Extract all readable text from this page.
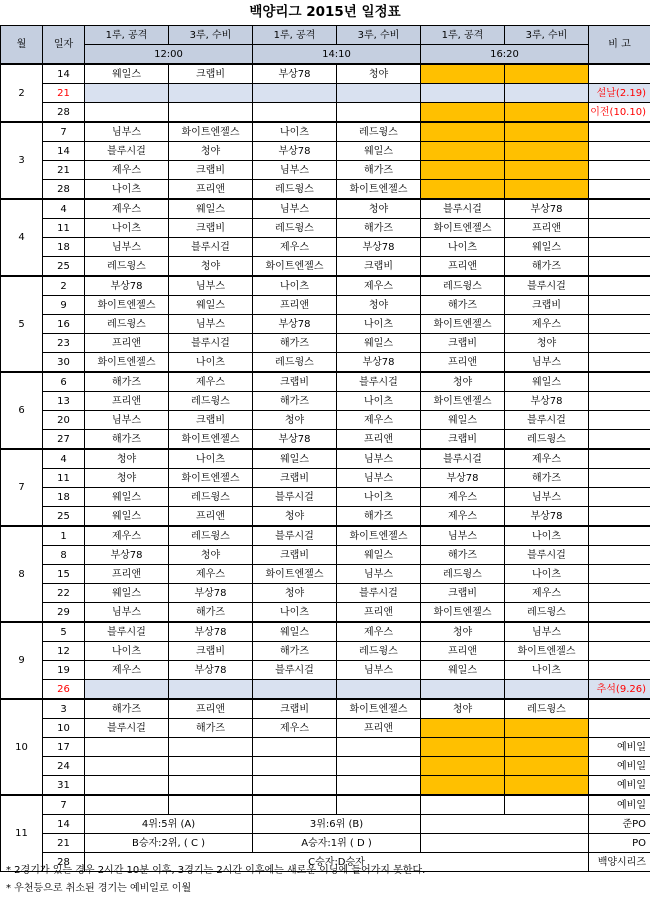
백양리그 2015년 일정표
월	일자	1루, 공격	3루, 수비	1루, 공격	3루, 수비	1루, 공격	3루, 수비	비 고
		12:00		14:10		16:20		
2	14	웨일스	크랩비	부상78	청야			
	21							설날(2.19)
	28							이전(10.10)
3	7	님부스	화이트엔젤스	나이츠	레드윙스			
	14	블루시걸	청야	부상78	웨일스			
	21	제우스	크랩비	님부스	해가즈			
	28	나이츠	프리앤	레드윙스	화이트엔젤스			
4	4	제우스	웨일스	님부스	청야	블루시걸	부상78	
	11	나이츠	크랩비	레드윙스	해가즈	화이트엔젤스	프리앤	
	18	님부스	블루시걸	제우스	부상78	나이츠	웨일스	
	25	레드윙스	청야	화이트엔젤스	크랩비	프리앤	해가즈	
5	2	부상78	님부스	나이츠	제우스	레드윙스	블루시걸	
	9	화이트엔젤스	웨일스	프리앤	청야	해가즈	크랩비	
	16	레드윙스	님부스	부상78	나이츠	화이트엔젤스	제우스	
	23	프리앤	블루시걸	해가즈	웨일스	크랩비	청야	
	30	화이트엔젤스	나이츠	레드윙스	부상78	프리앤	님부스	
6	6	해가즈	제우스	크랩비	블루시걸	청야	웨일스	
	13	프리앤	레드윙스	해가즈	나이츠	화이트엔젤스	부상78	
	20	님부스	크랩비	청야	제우스	웨일스	블루시걸	
	27	해가즈	화이트엔젤스	부상78	프리앤	크랩비	레드윙스	
7	4	청야	나이츠	웨일스	님부스	블루시걸	제우스	
	11	청야	화이트엔젤스	크랩비	님부스	부상78	해가즈	
	18	웨일스	레드윙스	블루시걸	나이츠	제우스	님부스	
	25	웨일스	프리앤	청야	해가즈	제우스	부상78	
8	1	제우스	레드윙스	블루시걸	화이트엔젤스	님부스	나이츠	
	8	부상78	청야	크랩비	웨일스	해가즈	블루시걸	
	15	프리앤	제우스	화이트엔젤스	님부스	레드윙스	나이츠	
	22	웨일스	부상78	청야	블루시걸	크랩비	제우스	
	29	님부스	해가즈	나이츠	프리앤	화이트엔젤스	레드윙스	
9	5	블루시걸	부상78	웨일스	제우스	청야	님부스	
	12	나이츠	크랩비	해가즈	레드윙스	프리앤	화이트엔젤스	
	19	제우스	부상78	블루시걸	님부스	웨일스	나이츠	
	26							추석(9.26)
10	3	해가즈	프리앤	크랩비	화이트엔젤스	청야	레드윙스	
	10	블루시걸	해가즈	제우스	프리앤			
	17							예비일
	24							예비일
	31							예비일
11	7							예비일
	14	4위:5위 (A)		3위:6위 (B)				준PO
	21	B승자:2위, ( C )		A승자:1위 ( D )				PO
	28	C승자:D승자						백양시리즈
* 2경기가 있는 경우 2시간 10분 이후, 3경기는 2시간 이후에는 새로운 이닝에 들어가지 못한다.
* 우천등으로 취소된 경기는 예비일로 이월
